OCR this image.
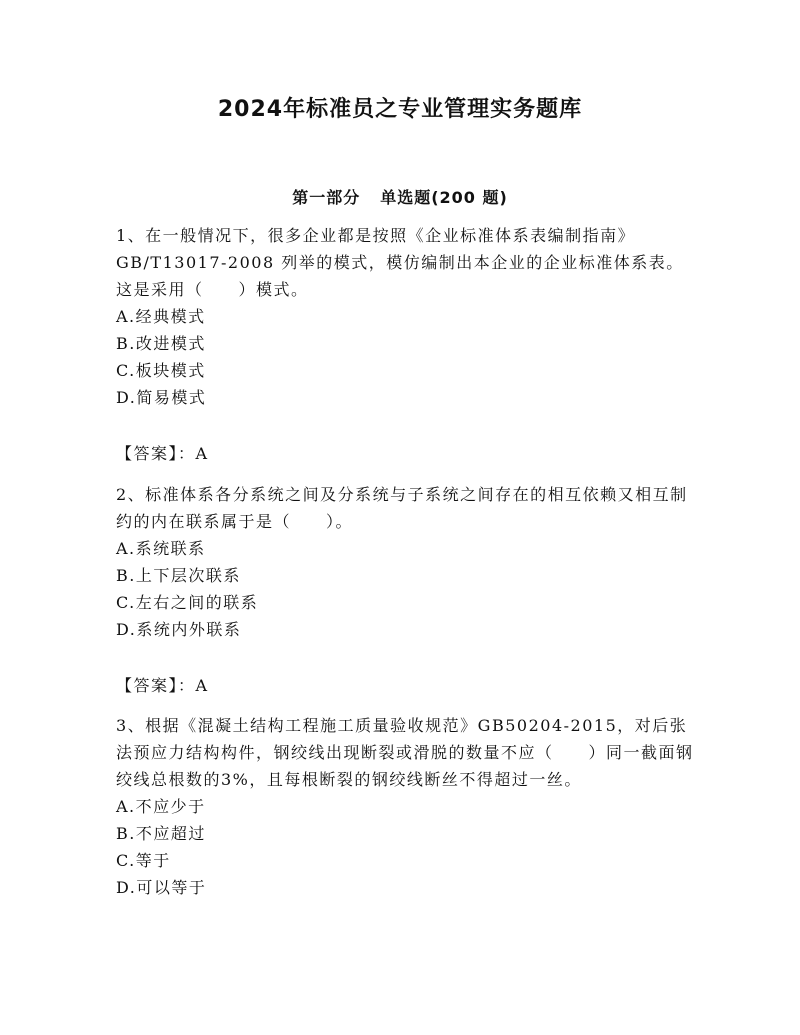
2024年标准员之专业管理实务题库
第一部分 单选题(200 题)

1、在一般情况下，很多企业都是按照《企业标准体系表编制指南》GB/T13017-2008 列举的模式，模仿编制出本企业的企业标准体系表。这是采用（　　）模式。

A.经典模式

B.改进模式

C.板块模式

D.简易模式

【答案】：A

2、标准体系各分系统之间及分系统与子系统之间存在的相互依赖又相互制约的内在联系属于是（　　）。

A.系统联系

B.上下层次联系

C.左右之间的联系

D.系统内外联系

【答案】：A

3、根据《混凝土结构工程施工质量验收规范》GB50204-2015，对后张法预应力结构构件，钢绞线出现断裂或滑脱的数量不应（　　）同一截面钢绞线总根数的3%，且每根断裂的钢绞线断丝不得超过一丝。

A.不应少于

B.不应超过

C.等于

D.可以等于
